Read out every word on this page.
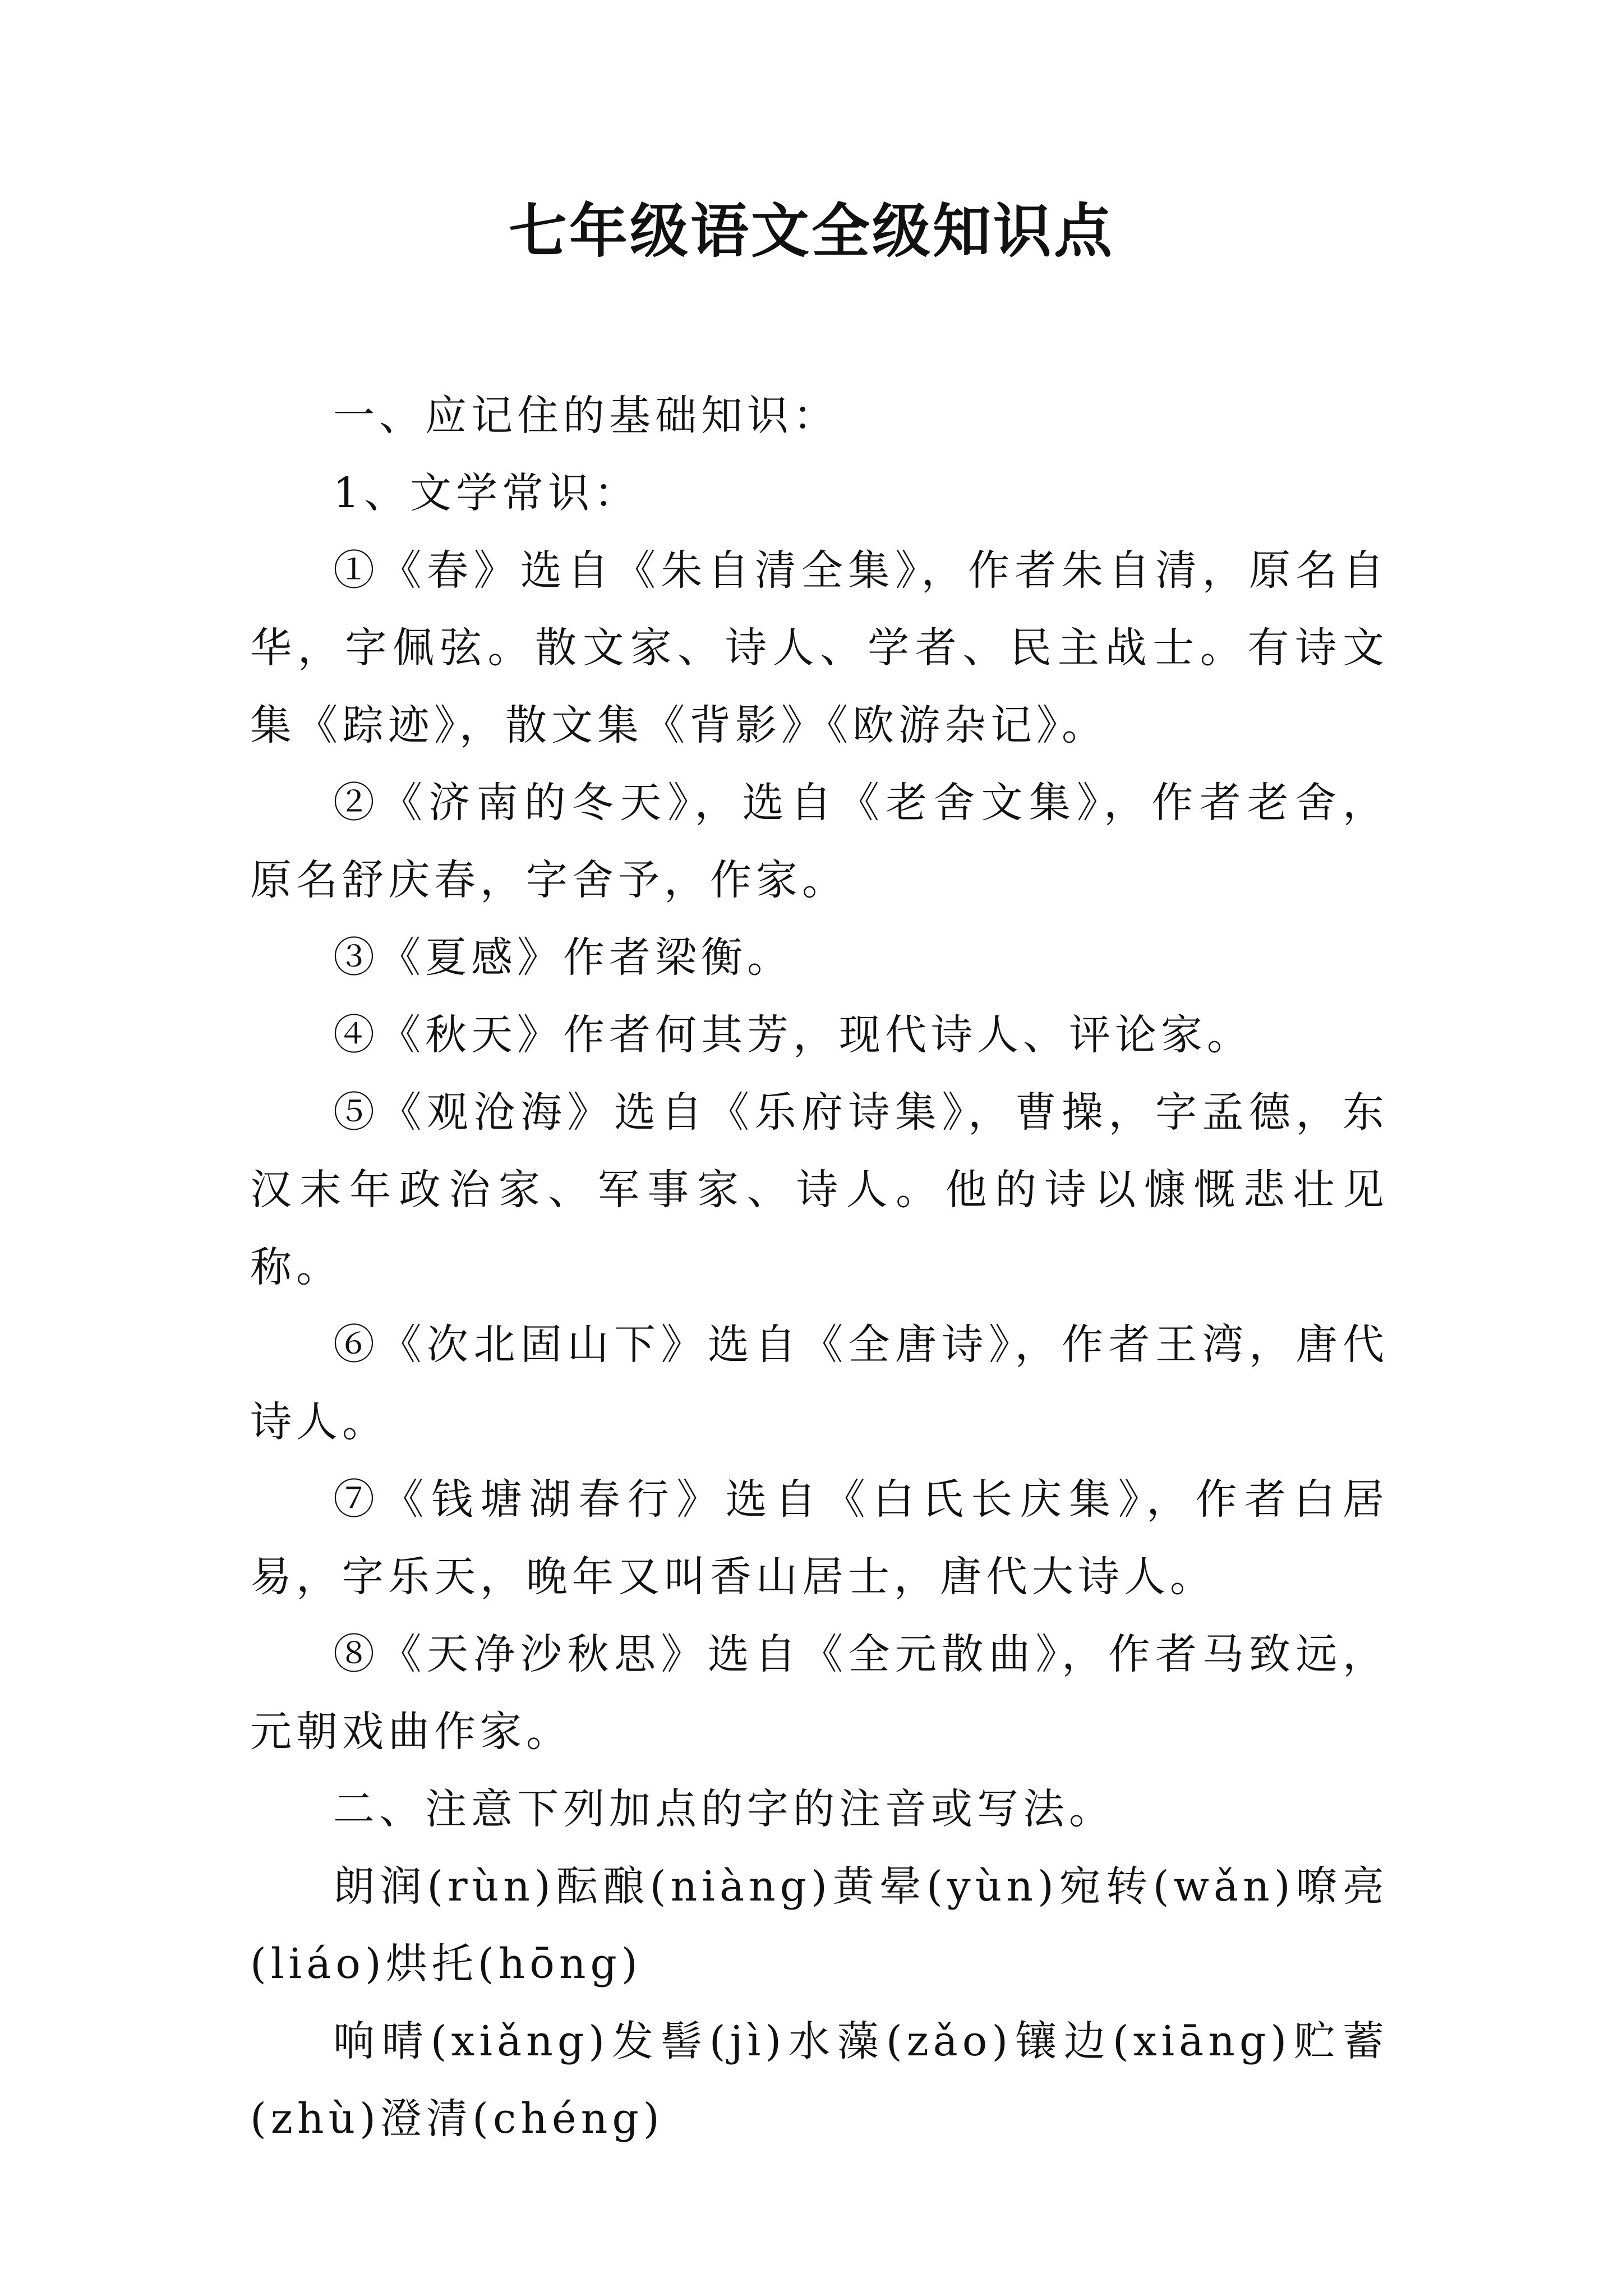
七年级语文全级知识点

一、应记住的基础知识：

1、文学常识：

①《春》选自《朱自清全集》，作者朱自清，原名自华，字佩弦。散文家、诗人、学者、民主战士。有诗文集《踪迹》，散文集《背影》《欧游杂记》。

②《济南的冬天》，选自《老舍文集》，作者老舍，原名舒庆春，字舍予，作家。

③《夏感》作者梁衡。

④《秋天》作者何其芳，现代诗人、评论家。

⑤《观沧海》选自《乐府诗集》，曹操，字孟德，东汉末年政治家、军事家、诗人。他的诗以慷慨悲壮见称。

⑥《次北固山下》选自《全唐诗》，作者王湾，唐代诗人。

⑦《钱塘湖春行》选自《白氏长庆集》，作者白居易，字乐天，晚年又叫香山居士，唐代大诗人。

⑧《天净沙秋思》选自《全元散曲》，作者马致远，元朝戏曲作家。

二、注意下列加点的字的注音或写法。

朗润(rùn)酝酿(niàng)黄晕(yùn)宛转(wǎn)嘹亮(liáo)烘托(hōng)

响晴(xiǎng)发髻(jì)水藻(zǎo)镶边(xiāng)贮蓄(zhù)澄清(chéng)
